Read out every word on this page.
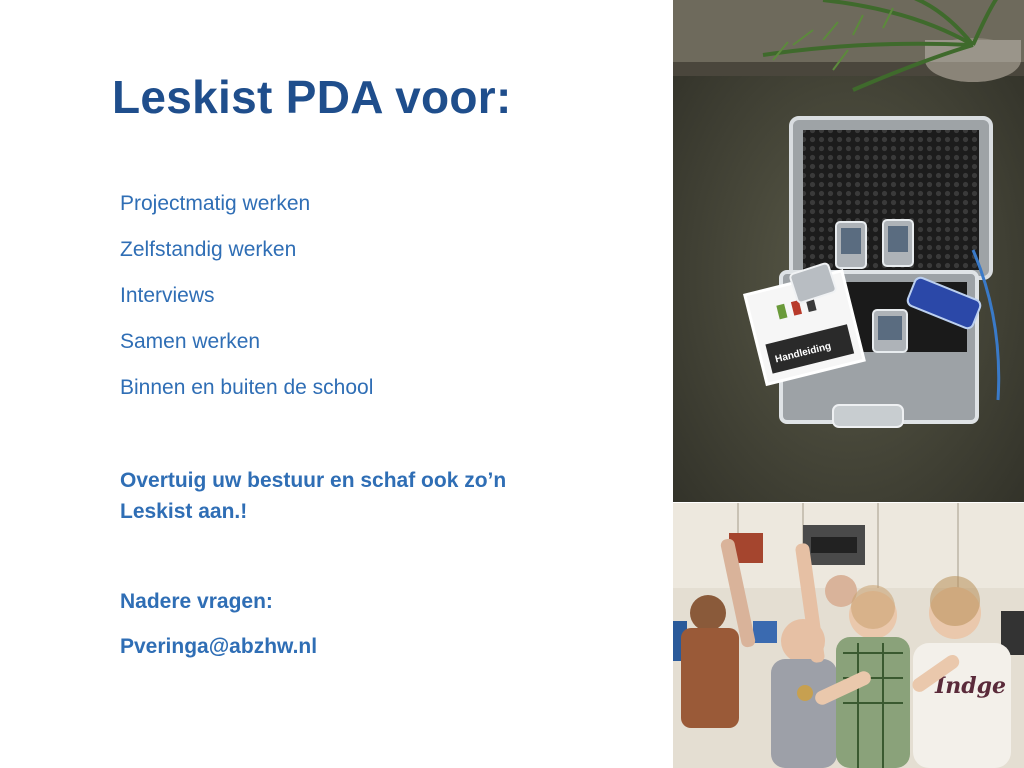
Leskist PDA voor:
Projectmatig werken
Zelfstandig werken
Interviews
Samen werken
Binnen en buiten de school
Overtuig uw bestuur en schaf ook zo’n Leskist aan.!
Nadere vragen:
Pveringa@abzhw.nl
Handleiding
Indge
